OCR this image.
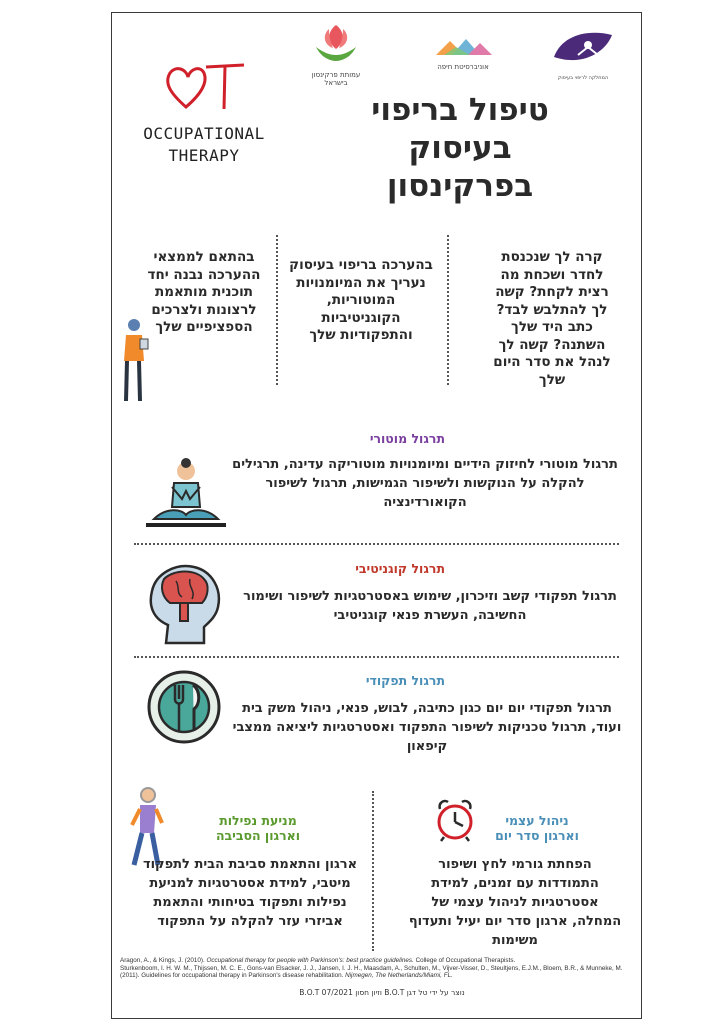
עמותת פרקינסון
בישראל
אוניברסיטת חיפה
המחלקה לריפוי בעיסוק
OCCUPATIONAL
THERAPY
טיפול בריפוי בעיסוק
בפרקינסון
קרה לך שנכנסת לחדר ושכחת מה רצית לקחת? קשה לך להתלבש לבד? כתב היד שלך השתנה? קשה לך לנהל את סדר היום שלך
בהערכה בריפוי בעיסוק נעריך את המיומנויות המוטוריות, הקוגניטיביות והתפקודיות שלך
בהתאם לממצאי ההערכה נבנה יחד תוכנית מותאמת לרצונות ולצרכים הספציפיים שלך
תרגול מוטורי
תרגול מוטורי לחיזוק הידיים ומיומנויות מוטוריקה עדינה, תרגילים להקלה על הנוקשות ולשיפור הגמישות, תרגול לשיפור הקואורדינציה
תרגול קוגניטיבי
תרגול תפקודי קשב וזיכרון, שימוש באסטרטגיות לשיפור ושימור החשיבה, העשרת פנאי קוגניטיבי
תרגול תפקודי
תרגול תפקודי יום יום כגון כתיבה, לבוש, פנאי, ניהול משק בית ועוד, תרגול טכניקות לשיפור התפקוד ואסטרטגיות ליציאה ממצבי קיפאון
ניהול עצמי
וארגון סדר יום
הפחתת גורמי לחץ ושיפור התמודדות עם זמנים, למידת אסטרטגיות לניהול עצמי של המחלה, ארגון סדר יום יעיל ותעדוף משימות
מניעת נפילות
וארגון הסביבה
ארגון והתאמת סביבת הבית לתפקוד מיטבי, למידת אסטרטגיות למניעת נפילות ותפקוד בטיחותי והתאמת אביזרי עזר להקלה על התפקוד
Aragon, A., & Kings, J. (2010). Occupational therapy for people with Parkinson's: best practice guidelines. College of Occupational Therapists.
Sturkenboom, I. H. W. M., Thijssen, M. C. E., Gons-van Elsacker, J. J., Jansen, I. J. H., Maasdam, A., Schulten, M., Vijver-Visser, D., Steultjens, E.J.M., Bloem, B.R., & Munneke, M. (2011). Guidelines for occupational therapy in Parkinson's disease rehabilitation. Nijmegen, The Netherlands/Miami, FL.
נוצר על ידי טל דגן B.O.T וזיון חסון B.O.T 07/2021
